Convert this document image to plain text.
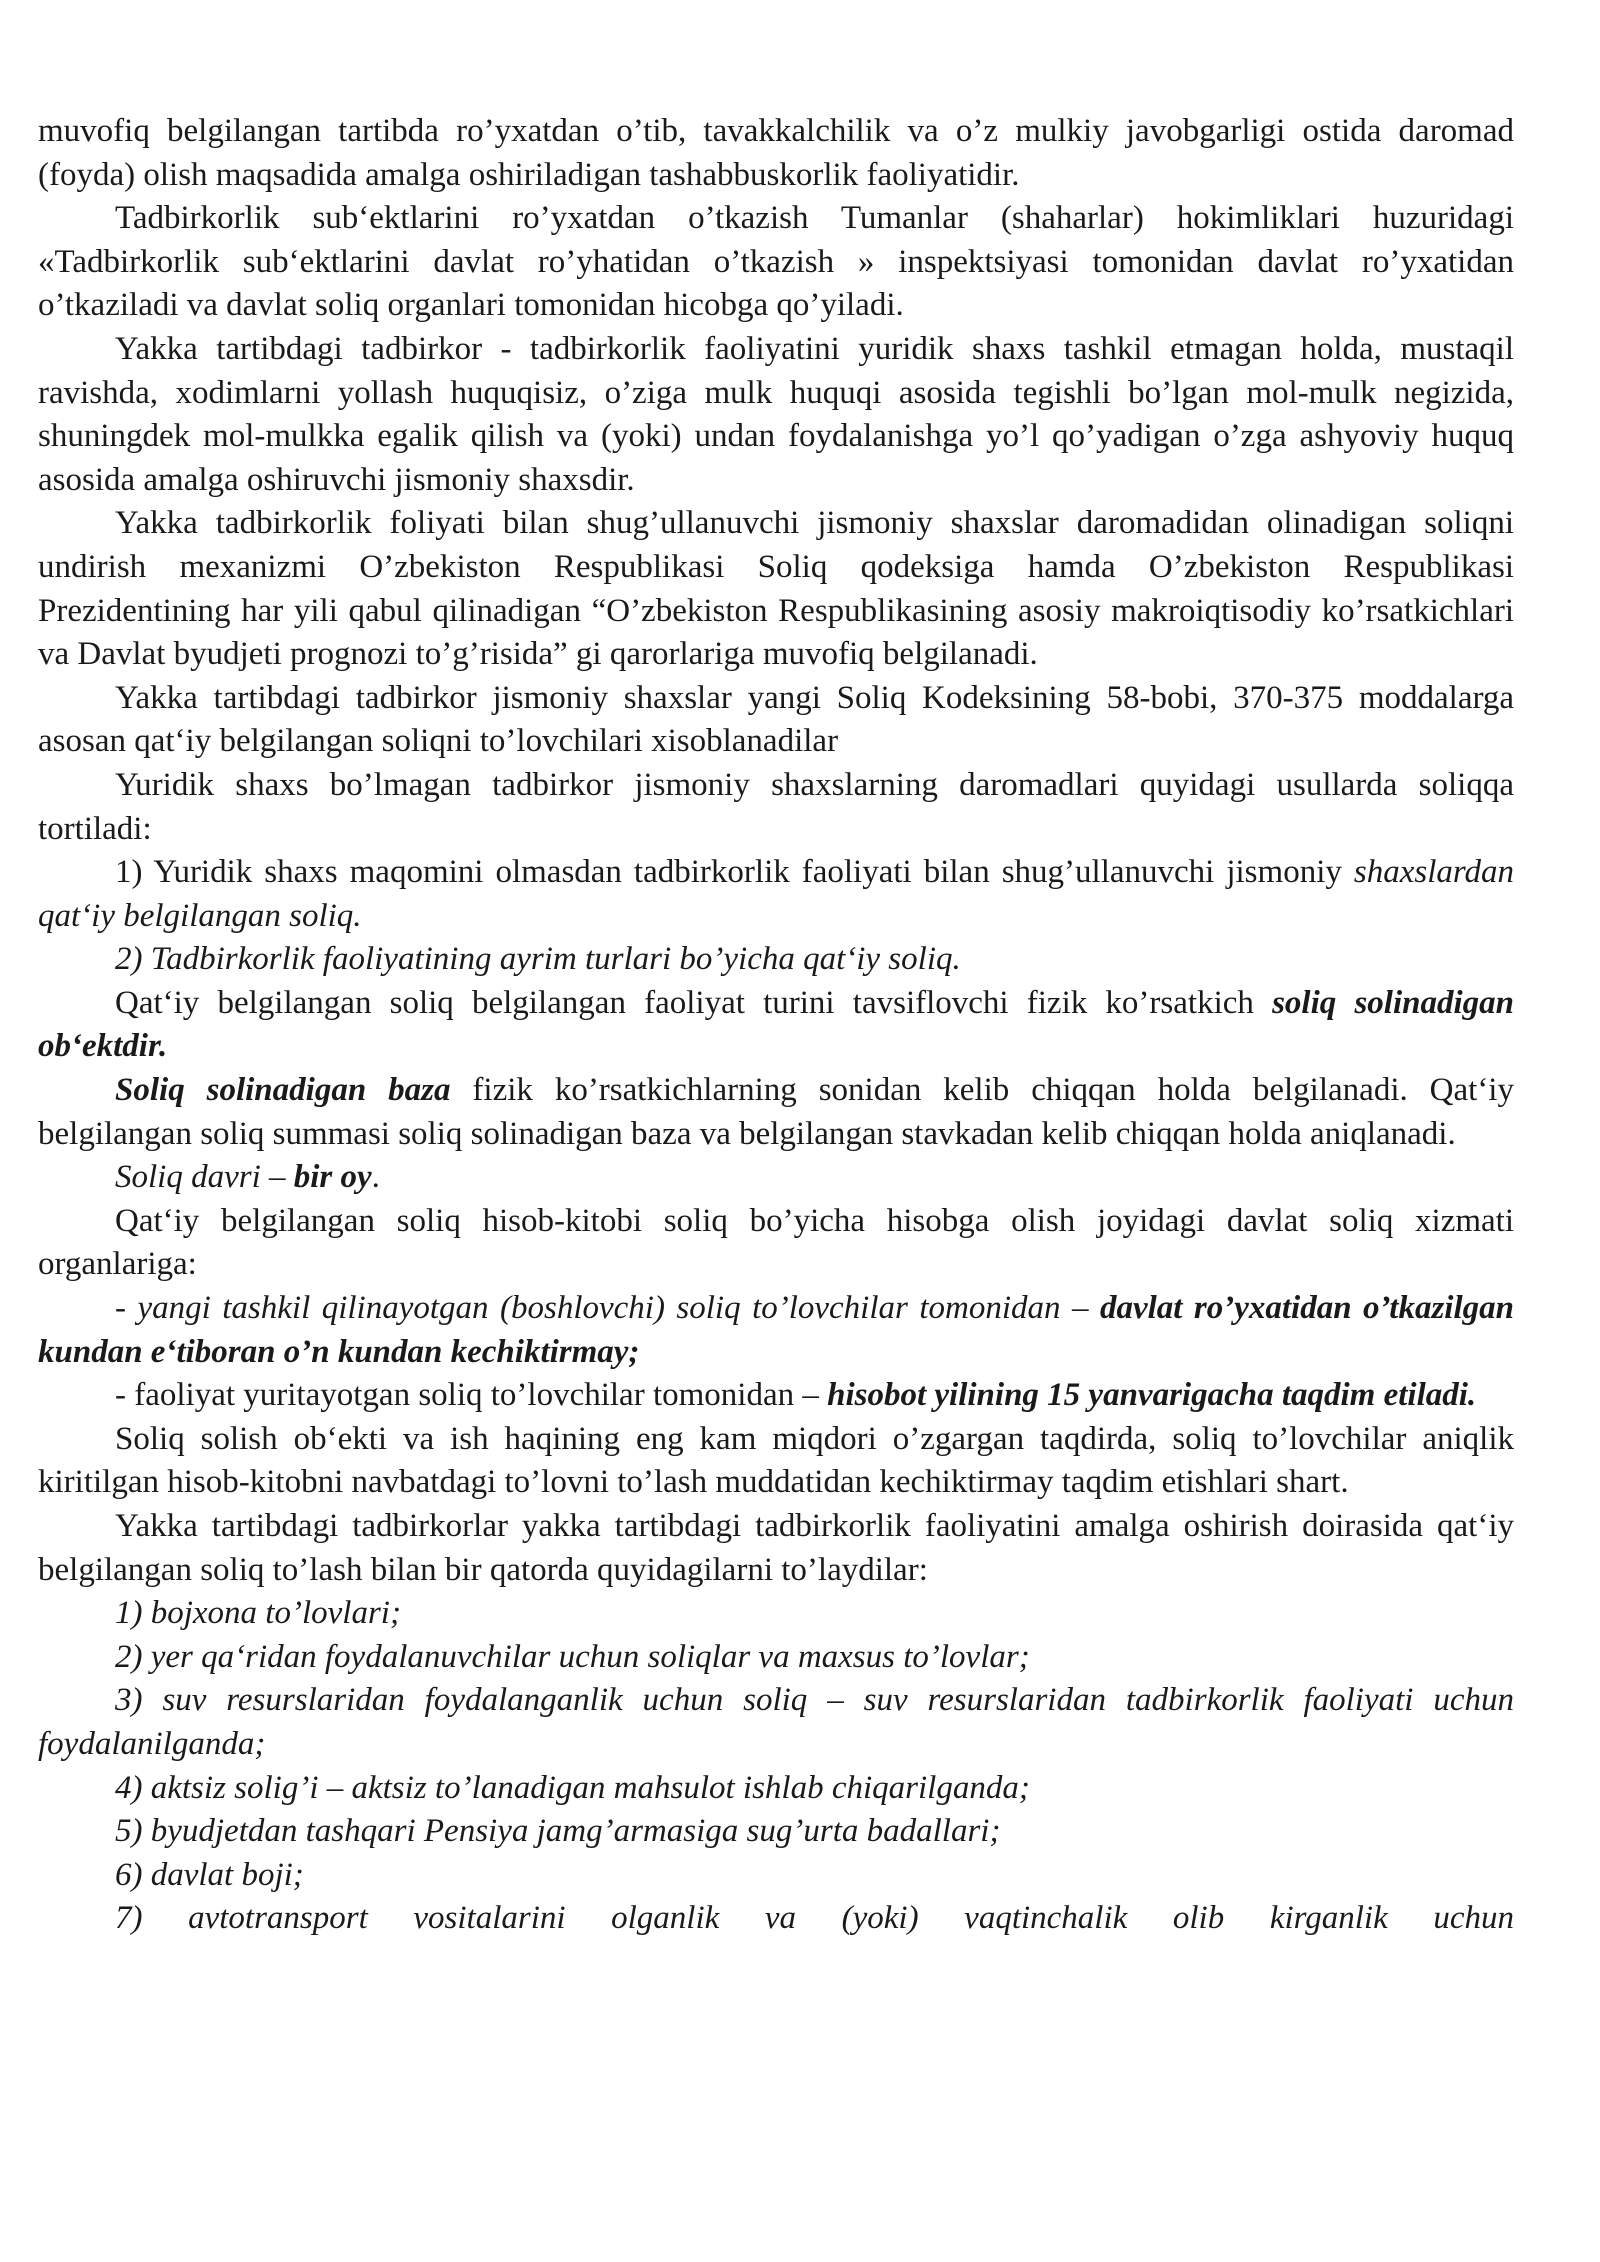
muvofiq belgilangan tartibda ro’yxatdan o’tib, tavakkalchilik va o’z mulkiy javobgarligi ostida daromad (foyda) olish maqsadida amalga oshiriladigan tashabbuskorlik faoliyatidir.

Tadbirkorlik sub‘ektlarini ro’yxatdan o’tkazish Tumanlar (shaharlar) hokimliklari huzuridagi «Tadbirkorlik sub‘ektlarini davlat ro’yhatidan o’tkazish » inspektsiyasi tomonidan davlat ro’yxatidan o’tkaziladi va davlat soliq organlari tomonidan hicobga qo’yiladi.

Yakka tartibdagi tadbirkor - tadbirkorlik faoliyatini yuridik shaxs tashkil etmagan holda, mustaqil ravishda, xodimlarni yollash huquqisiz, o’ziga mulk huquqi asosida tegishli bo’lgan mol-mulk negizida, shuningdek mol-mulkka egalik qilish va (yoki) undan foydalanishga yo’l qo’yadigan o’zga ashyoviy huquq asosida amalga oshiruvchi jismoniy shaxsdir.

Yakka tadbirkorlik foliyati bilan shug’ullanuvchi jismoniy shaxslar daromadidan olinadigan soliqni undirish mexanizmi O’zbekiston Respublikasi Soliq qodeksiga hamda O’zbekiston Respublikasi Prezidentining har yili qabul qilinadigan “O’zbekiston Respublikasining asosiy makroiqtisodiy ko’rsatkichlari va Davlat byudjeti prognozi to’g’risida” gi qarorlariga muvofiq belgilanadi.

Yakka tartibdagi tadbirkor jismoniy shaxslar yangi Soliq Kodeksining 58-bobi, 370-375 moddalarga asosan qat‘iy belgilangan soliqni to’lovchilari xisoblanadilar

Yuridik shaxs bo’lmagan tadbirkor jismoniy shaxslarning daromadlari quyidagi usullarda soliqqa tortiladi:

1) Yuridik shaxs maqomini olmasdan tadbirkorlik faoliyati bilan shug’ullanuvchi jismoniy shaxslardan qat‘iy belgilangan soliq.

2) Tadbirkorlik faoliyatining ayrim turlari bo’yicha qat‘iy soliq.

Qat‘iy belgilangan soliq belgilangan faoliyat turini tavsiflovchi fizik ko’rsatkich soliq solinadigan ob‘ektdir.

Soliq solinadigan baza fizik ko’rsatkichlarning sonidan kelib chiqqan holda belgilanadi. Qat‘iy belgilangan soliq summasi soliq solinadigan baza va belgilangan stavkadan kelib chiqqan holda aniqlanadi.

Soliq davri – bir oy.

Qat‘iy belgilangan soliq hisob-kitobi soliq bo’yicha hisobga olish joyidagi davlat soliq xizmati organlariga:

- yangi tashkil qilinayotgan (boshlovchi) soliq to’lovchilar tomonidan – davlat ro’yxatidan o’tkazilgan kundan e‘tiboran o’n kundan kechiktirmay;

- faoliyat yuritayotgan soliq to’lovchilar tomonidan – hisobot yilining 15 yanvarigacha taqdim etiladi.

Soliq solish ob‘ekti va ish haqining eng kam miqdori o’zgargan taqdirda, soliq to’lovchilar aniqlik kiritilgan hisob-kitobni navbatdagi to’lovni to’lash muddatidan kechiktirmay taqdim etishlari shart.

Yakka tartibdagi tadbirkorlar yakka tartibdagi tadbirkorlik faoliyatini amalga oshirish doirasida qat‘iy belgilangan soliq to’lash bilan bir qatorda quyidagilarni to’laydilar:

1) bojxona to’lovlari;

2) yer qa‘ridan foydalanuvchilar uchun soliqlar va maxsus to’lovlar;

3) suv resurslaridan foydalanganlik uchun soliq – suv resurslaridan tadbirkorlik faoliyati uchun foydalanilganda;

4) aktsiz solig’i – aktsiz to’lanadigan mahsulot ishlab chiqarilganda;

5) byudjetdan tashqari Pensiya jamg’armasiga sug’urta badallari;

6) davlat boji;

7) avtotransport vositalarini olganlik va (yoki) vaqtinchalik olib kirganlik uchun
